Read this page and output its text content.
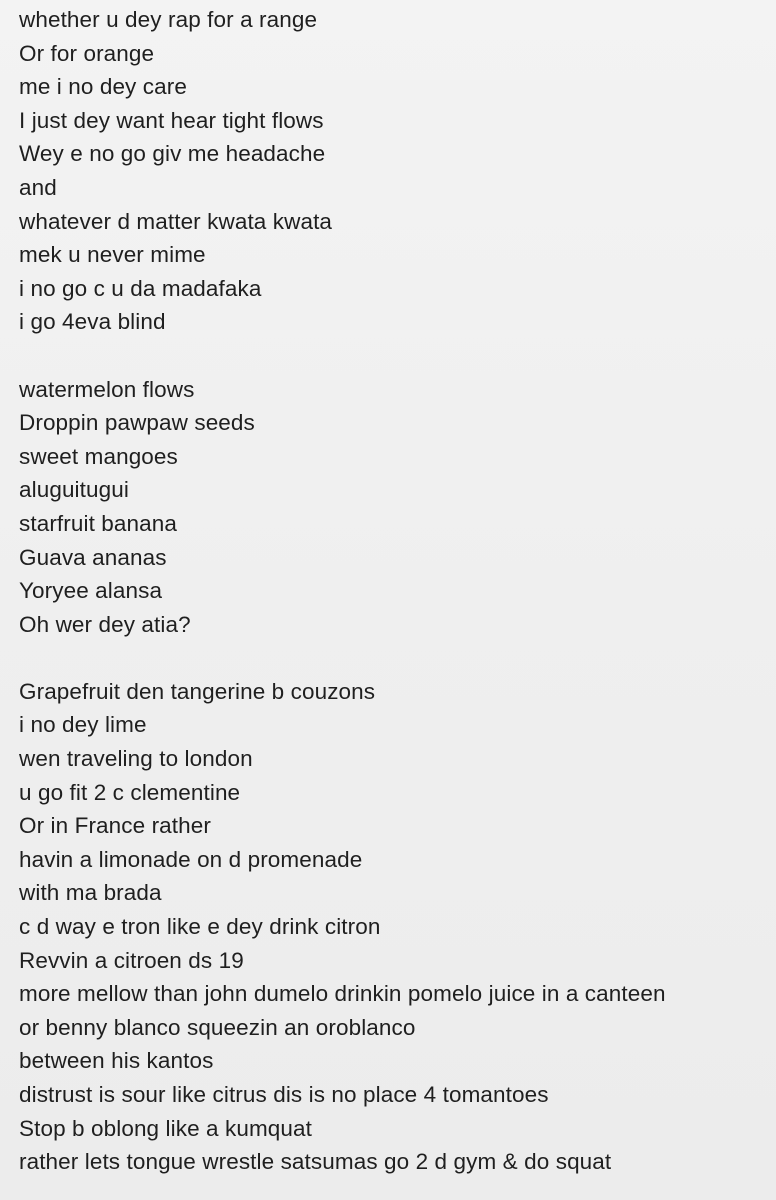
whether u dey rap for a range
Or for orange
me i no dey care
I just dey want hear tight flows
Wey e no go giv me headache
and
whatever d matter kwata kwata
mek u never mime
i no go c u da madafaka
i go 4eva blind
watermelon flows
Droppin pawpaw seeds
sweet mangoes
aluguitugui
starfruit banana
Guava ananas
Yoryee alansa
Oh wer dey atia?
Grapefruit den tangerine b couzons
i no dey lime
wen traveling to london
u go fit 2 c clementine
Or in France rather
havin a limonade on d promenade
with ma brada
c d way e tron like e dey drink citron
Revvin a citroen ds 19
more mellow than john dumelo drinkin pomelo juice in a canteen
or benny blanco squeezin an oroblanco
between his kantos
distrust is sour like citrus dis is no place 4 tomantoes
Stop b oblong like a kumquat
rather lets tongue wrestle satsumas go 2 d gym & do squat
